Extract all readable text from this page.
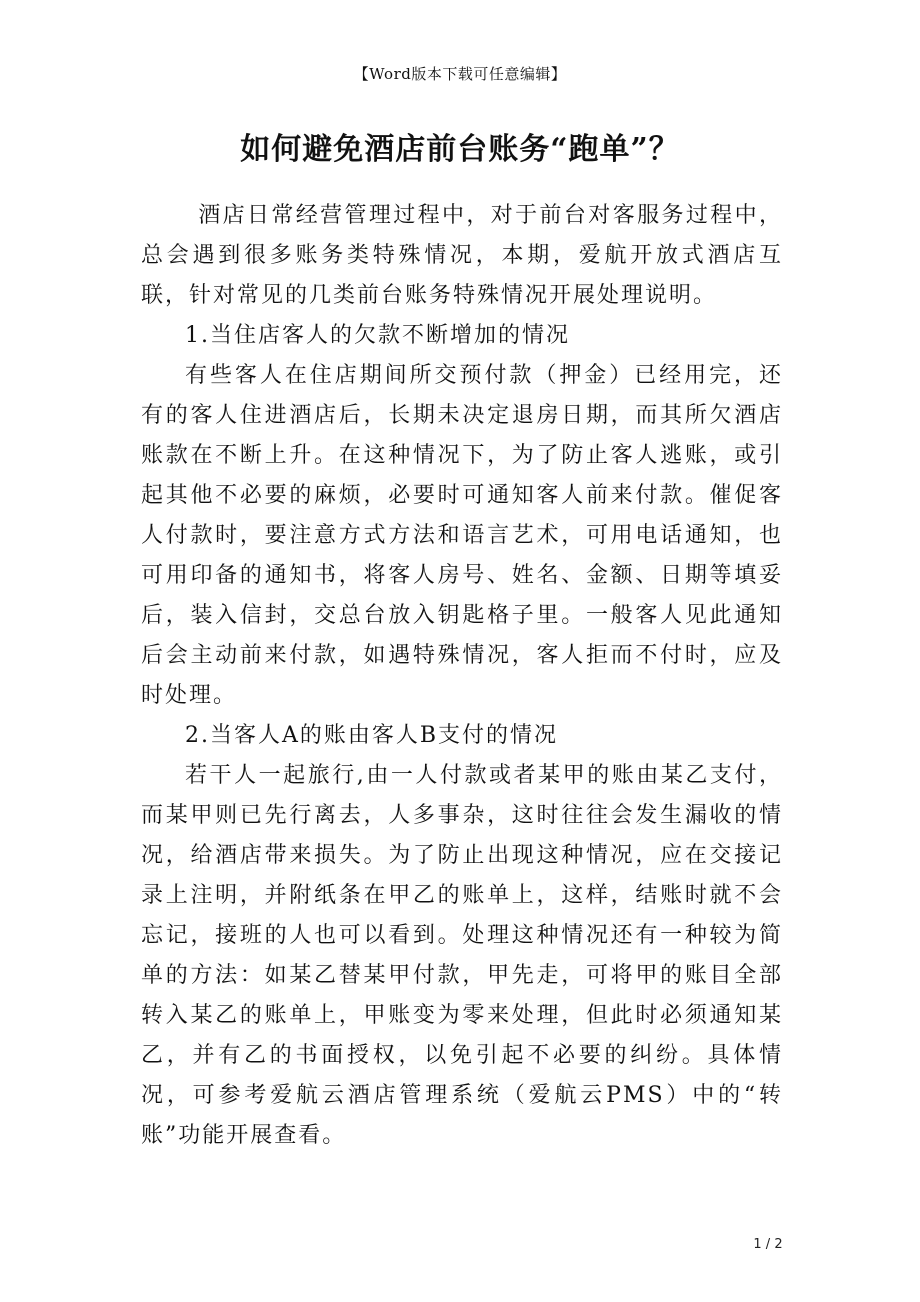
【Word版本下载可任意编辑】
如何避免酒店前台账务“跑单”？

酒店日常经营管理过程中，对于前台对客服务过程中，总会遇到很多账务类特殊情况，本期，爱航开放式酒店互联，针对常见的几类前台账务特殊情况开展处理说明。

1.当住店客人的欠款不断增加的情况

有些客人在住店期间所交预付款（押金）已经用完，还有的客人住进酒店后，长期未决定退房日期，而其所欠酒店账款在不断上升。在这种情况下，为了防止客人逃账，或引起其他不必要的麻烦，必要时可通知客人前来付款。催促客人付款时，要注意方式方法和语言艺术，可用电话通知，也可用印备的通知书，将客人房号、姓名、金额、日期等填妥后，装入信封，交总台放入钥匙格子里。一般客人见此通知后会主动前来付款，如遇特殊情况，客人拒而不付时，应及时处理。

2.当客人A的账由客人B支付的情况

若干人一起旅行,由一人付款或者某甲的账由某乙支付，而某甲则已先行离去，人多事杂，这时往往会发生漏收的情况，给酒店带来损失。为了防止出现这种情况，应在交接记录上注明，并附纸条在甲乙的账单上，这样，结账时就不会忘记，接班的人也可以看到。处理这种情况还有一种较为简单的方法：如某乙替某甲付款，甲先走，可将甲的账目全部转入某乙的账单上，甲账变为零来处理，但此时必须通知某乙，并有乙的书面授权，以免引起不必要的纠纷。具体情况，可参考爱航云酒店管理系统（爱航云PMS）中的“转账”功能开展查看。

1 / 2
